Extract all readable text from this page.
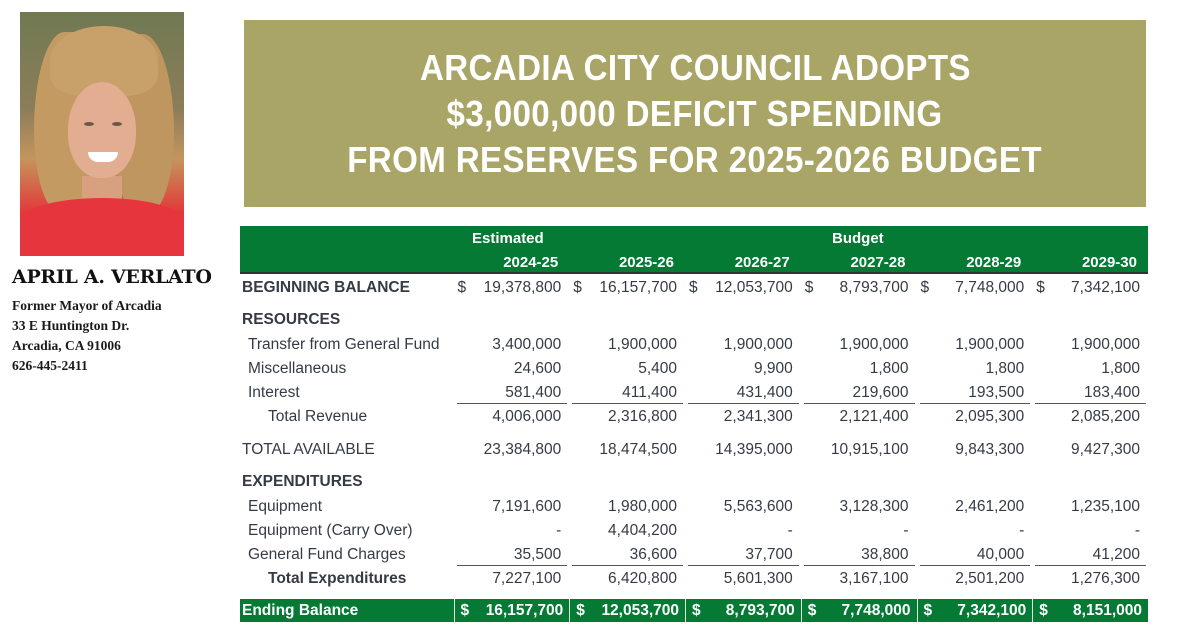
APRIL A. VERLATO
Former Mayor of Arcadia
33 E Huntington Dr.
Arcadia, CA 91006
626-445-2411
ARCADIA CITY COUNCIL ADOPTS
$3,000,000 DEFICIT SPENDING
FROM RESERVES FOR 2025-2026 BUDGET
Estimated	Budget
2024-25	2025-26	2026-27	2027-28	2028-29	2029-30
BEGINNING BALANCE	$ 19,378,800 $ 16,157,700 $ 12,053,700 $ 8,793,700 $ 7,748,000 $ 7,342,100
RESOURCES
Transfer from General Fund	3,400,000	1,900,000	1,900,000	1,900,000	1,900,000	1,900,000
Miscellaneous	24,600	5,400	9,900	1,800	1,800	1,800
Interest	581,400	411,400	431,400	219,600	193,500	183,400
Total Revenue	4,006,000	2,316,800	2,341,300	2,121,400	2,095,300	2,085,200
TOTAL AVAILABLE	23,384,800	18,474,500	14,395,000	10,915,100	9,843,300	9,427,300
EXPENDITURES
Equipment	7,191,600	1,980,000	5,563,600	3,128,300	2,461,200	1,235,100
Equipment (Carry Over)	-	4,404,200	-	-	-	-
General Fund Charges	35,500	36,600	37,700	38,800	40,000	41,200
Total Expenditures	7,227,100	6,420,800	5,601,300	3,167,100	2,501,200	1,276,300
Ending Balance	$ 16,157,700 $ 12,053,700 $ 8,793,700 $ 7,748,000 $ 7,342,100 $ 8,151,000
